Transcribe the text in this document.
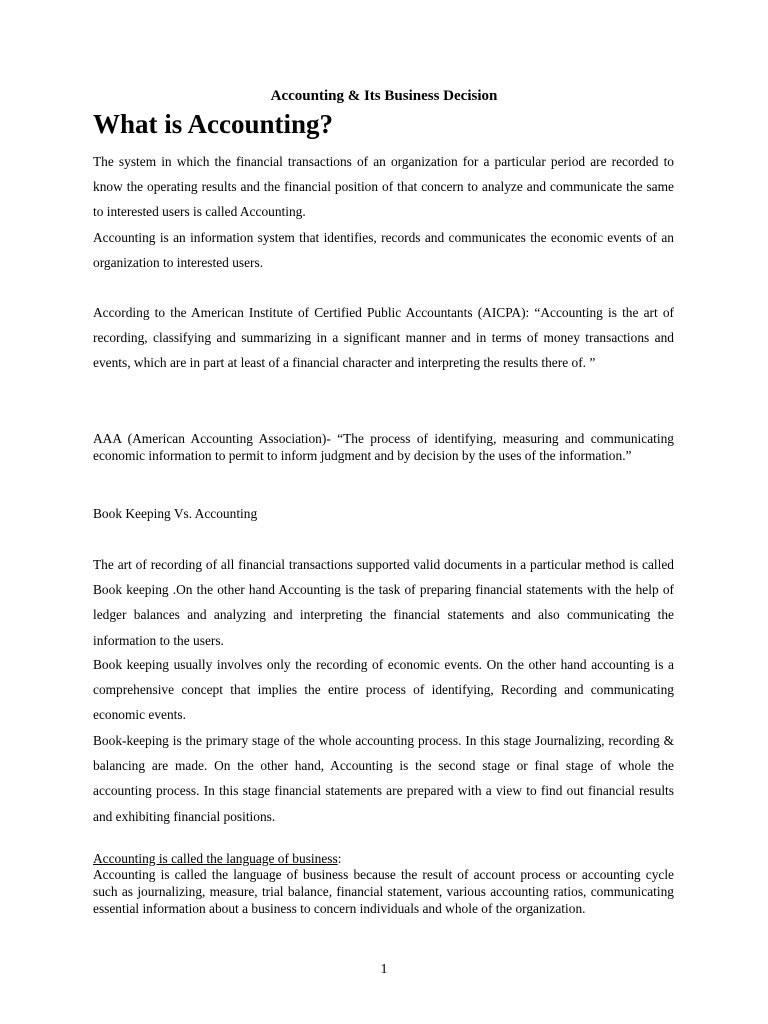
Accounting & Its Business Decision
What is Accounting?

The system in which the financial transactions of an organization for a particular period are recorded to know the operating results and the financial position of that concern to analyze and communicate the same to interested users is called Accounting.

Accounting is an information system that identifies, records and communicates the economic events of an organization to interested users.

According to the American Institute of Certified Public Accountants (AICPA): “Accounting is the art of recording, classifying and summarizing in a significant manner and in terms of money transactions and events, which are in part at least of a financial character and interpreting the results there of. ”

AAA (American Accounting Association)- “The process of identifying, measuring and communicating economic information to permit to inform judgment and by decision by the uses of the information.”

Book Keeping Vs. Accounting

The art of recording of all financial transactions supported valid documents in a particular method is called Book keeping .On the other hand Accounting is the task of preparing financial statements with the help of ledger balances and analyzing and interpreting the financial statements and also communicating the information to the users.

Book keeping usually involves only the recording of economic events. On the other hand accounting is a comprehensive concept that implies the entire process of identifying, Recording and communicating economic events.

Book-keeping is the primary stage of the whole accounting process. In this stage Journalizing, recording & balancing are made. On the other hand, Accounting is the second stage or final stage of whole the accounting process. In this stage financial statements are prepared with a view to find out financial results and exhibiting financial positions.

Accounting is called the language of business:

Accounting is called the language of business because the result of account process or accounting cycle such as journalizing, measure, trial balance, financial statement, various accounting ratios, communicating essential information about a business to concern individuals and whole of the organization.

1
